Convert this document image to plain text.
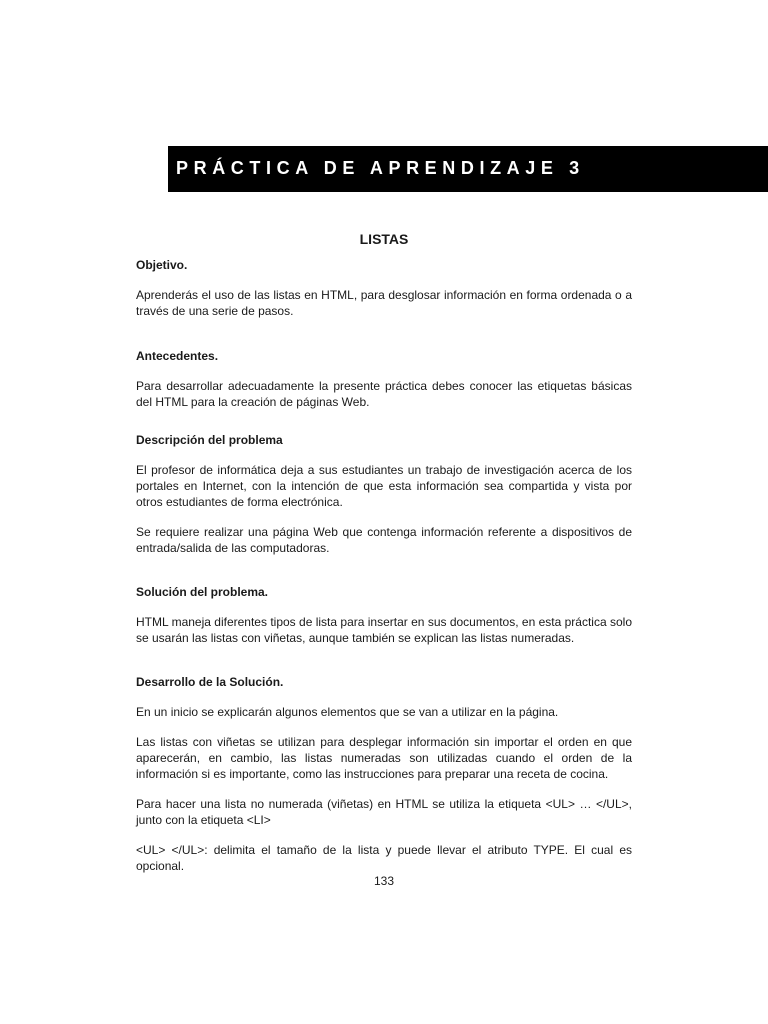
PRÁCTICA DE APRENDIZAJE 3
LISTAS
Objetivo.

Aprenderás el uso de las listas en HTML, para desglosar información en forma ordenada o a través de una serie de pasos.

Antecedentes.

Para desarrollar adecuadamente la presente práctica debes conocer las etiquetas básicas del HTML para la creación de páginas Web.

Descripción del problema

El profesor de informática deja a sus estudiantes un trabajo de investigación acerca de los portales en Internet, con la intención de que esta información sea compartida y vista por otros estudiantes de forma electrónica.

Se requiere realizar una página Web que contenga información referente a dispositivos de entrada/salida de las computadoras.

Solución del problema.

HTML maneja diferentes tipos de lista para insertar en sus documentos, en esta práctica solo se usarán las listas con viñetas, aunque también se explican las listas numeradas.

Desarrollo de la Solución.

En un inicio se explicarán algunos elementos que se van a utilizar en la página.

Las listas con viñetas se utilizan para desplegar información sin importar el orden en que aparecerán, en cambio, las listas numeradas son utilizadas cuando el orden de la información si es importante, como las instrucciones para preparar una receta de cocina.

Para hacer una lista no numerada (viñetas) en HTML se utiliza la etiqueta <UL> … </UL>, junto con la etiqueta <LI>

<UL> </UL>: delimita el tamaño de la lista y puede llevar el atributo TYPE. El cual es opcional.

133
